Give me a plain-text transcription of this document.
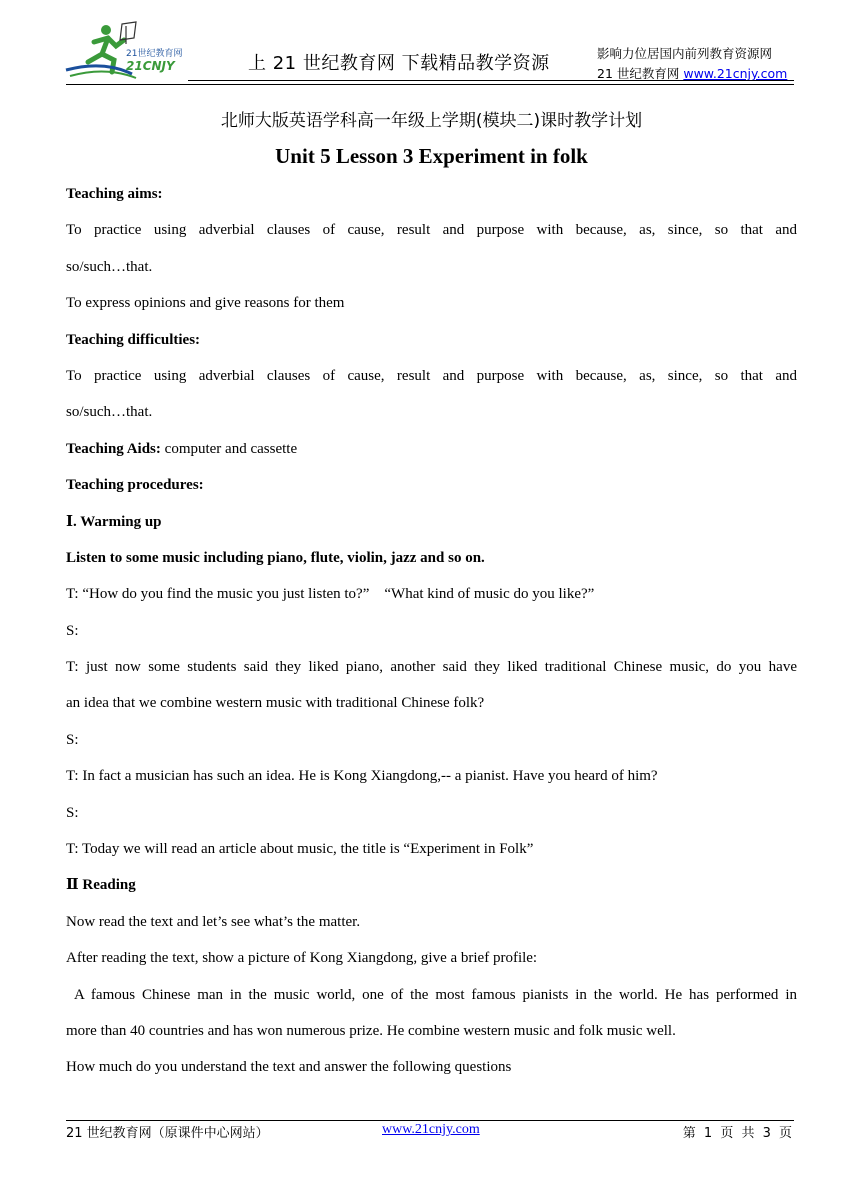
21世纪教育网
21CNJY	上 21 世纪教育网 下载精品教学资源	影响力位居国内前列教育资源网
21 世纪教育网 www.21cnjy.com
北师大版英语学科高一年级上学期(模块二)课时教学计划
Unit 5 Lesson 3 Experiment in folk
Teaching aims:
To practice using adverbial clauses of cause, result and purpose with because, as, since, so that and
so/such…that.
To express opinions and give reasons for them
Teaching difficulties:
To practice using adverbial clauses of cause, result and purpose with because, as, since, so that and
so/such…that.
Teaching Aids: computer and cassette
Teaching procedures:
Ⅰ. Warming up
Listen to some music including piano, flute, violin, jazz and so on.
T: “How do you find the music you just listen to?”    “What kind of music do you like?”
S:
T: just now some students said they liked piano, another said they liked traditional Chinese music, do you have
an idea that we combine western music with traditional Chinese folk?
S:
T: In fact a musician has such an idea. He is Kong Xiangdong,-- a pianist. Have you heard of him?
S:
T: Today we will read an article about music, the title is “Experiment in Folk”
Ⅱ Reading
Now read the text and let’s see what’s the matter.
After reading the text, show a picture of Kong Xiangdong, give a brief profile:
A famous Chinese man in the music world, one of the most famous pianists in the world. He has performed in
more than 40 countries and has won numerous prize. He combine western music and folk music well.
How much do you understand the text and answer the following questions
21 世纪教育网（原课件中心网站）	www.21cnjy.com	第 1 页 共 3 页
